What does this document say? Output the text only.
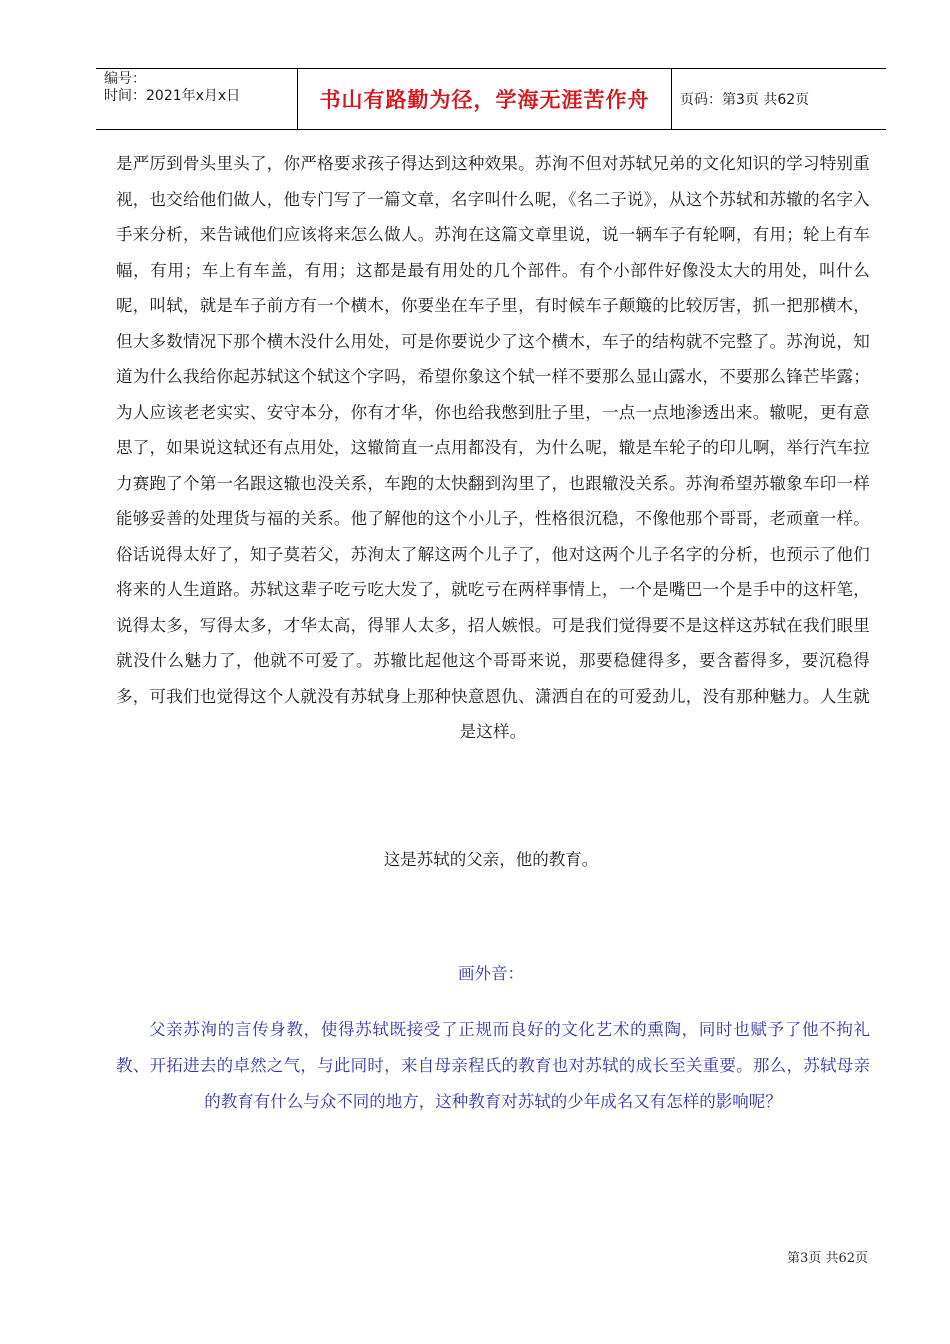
编号：
时间：2021年x月x日	书山有路勤为径，学海无涯苦作舟 页码：第3页 共62页

是严厉到骨头里头了，你严格要求孩子得达到这种效果。苏洵不但对苏轼兄弟的文化知识的学习特别重视，也交给他们做人，他专门写了一篇文章，名字叫什么呢，《名二子说》，从这个苏轼和苏辙的名字入手来分析，来告诫他们应该将来怎么做人。苏洵在这篇文章里说，说一辆车子有轮啊，有用；轮上有车幅，有用；车上有车盖，有用；这都是最有用处的几个部件。有个小部件好像没太大的用处，叫什么呢，叫轼，就是车子前方有一个横木，你要坐在车子里，有时候车子颠簸的比较厉害，抓一把那横木，但大多数情况下那个横木没什么用处，可是你要说少了这个横木，车子的结构就不完整了。苏洵说，知道为什么我给你起苏轼这个轼这个字吗，希望你象这个轼一样不要那么显山露水，不要那么锋芒毕露；为人应该老老实实、安守本分，你有才华，你也给我憋到肚子里，一点一点地渗透出来。辙呢，更有意思了，如果说这轼还有点用处，这辙简直一点用都没有，为什么呢，辙是车轮子的印儿啊，举行汽车拉力赛跑了个第一名跟这辙也没关系，车跑的太快翻到沟里了，也跟辙没关系。苏洵希望苏辙象车印一样能够妥善的处理货与福的关系。他了解他的这个小儿子，性格很沉稳，不像他那个哥哥，老顽童一样。俗话说得太好了，知子莫若父，苏洵太了解这两个儿子了，他对这两个儿子名字的分析，也预示了他们将来的人生道路。苏轼这辈子吃亏吃大发了，就吃亏在两样事情上，一个是嘴巴一个是手中的这杆笔，说得太多，写得太多，才华太高，得罪人太多，招人嫉恨。可是我们觉得要不是这样这苏轼在我们眼里就没什么魅力了，他就不可爱了。苏辙比起他这个哥哥来说，那要稳健得多，要含蓄得多，要沉稳得多，可我们也觉得这个人就没有苏轼身上那种快意恩仇、潇洒自在的可爱劲儿，没有那种魅力。人生就是这样。

这是苏轼的父亲，他的教育。

画外音：

父亲苏洵的言传身教，使得苏轼既接受了正规而良好的文化艺术的熏陶，同时也赋予了他不拘礼教、开拓进去的卓然之气，与此同时，来自母亲程氏的教育也对苏轼的成长至关重要。那么，苏轼母亲的教育有什么与众不同的地方，这种教育对苏轼的少年成名又有怎样的影响呢？

第3页 共62页
